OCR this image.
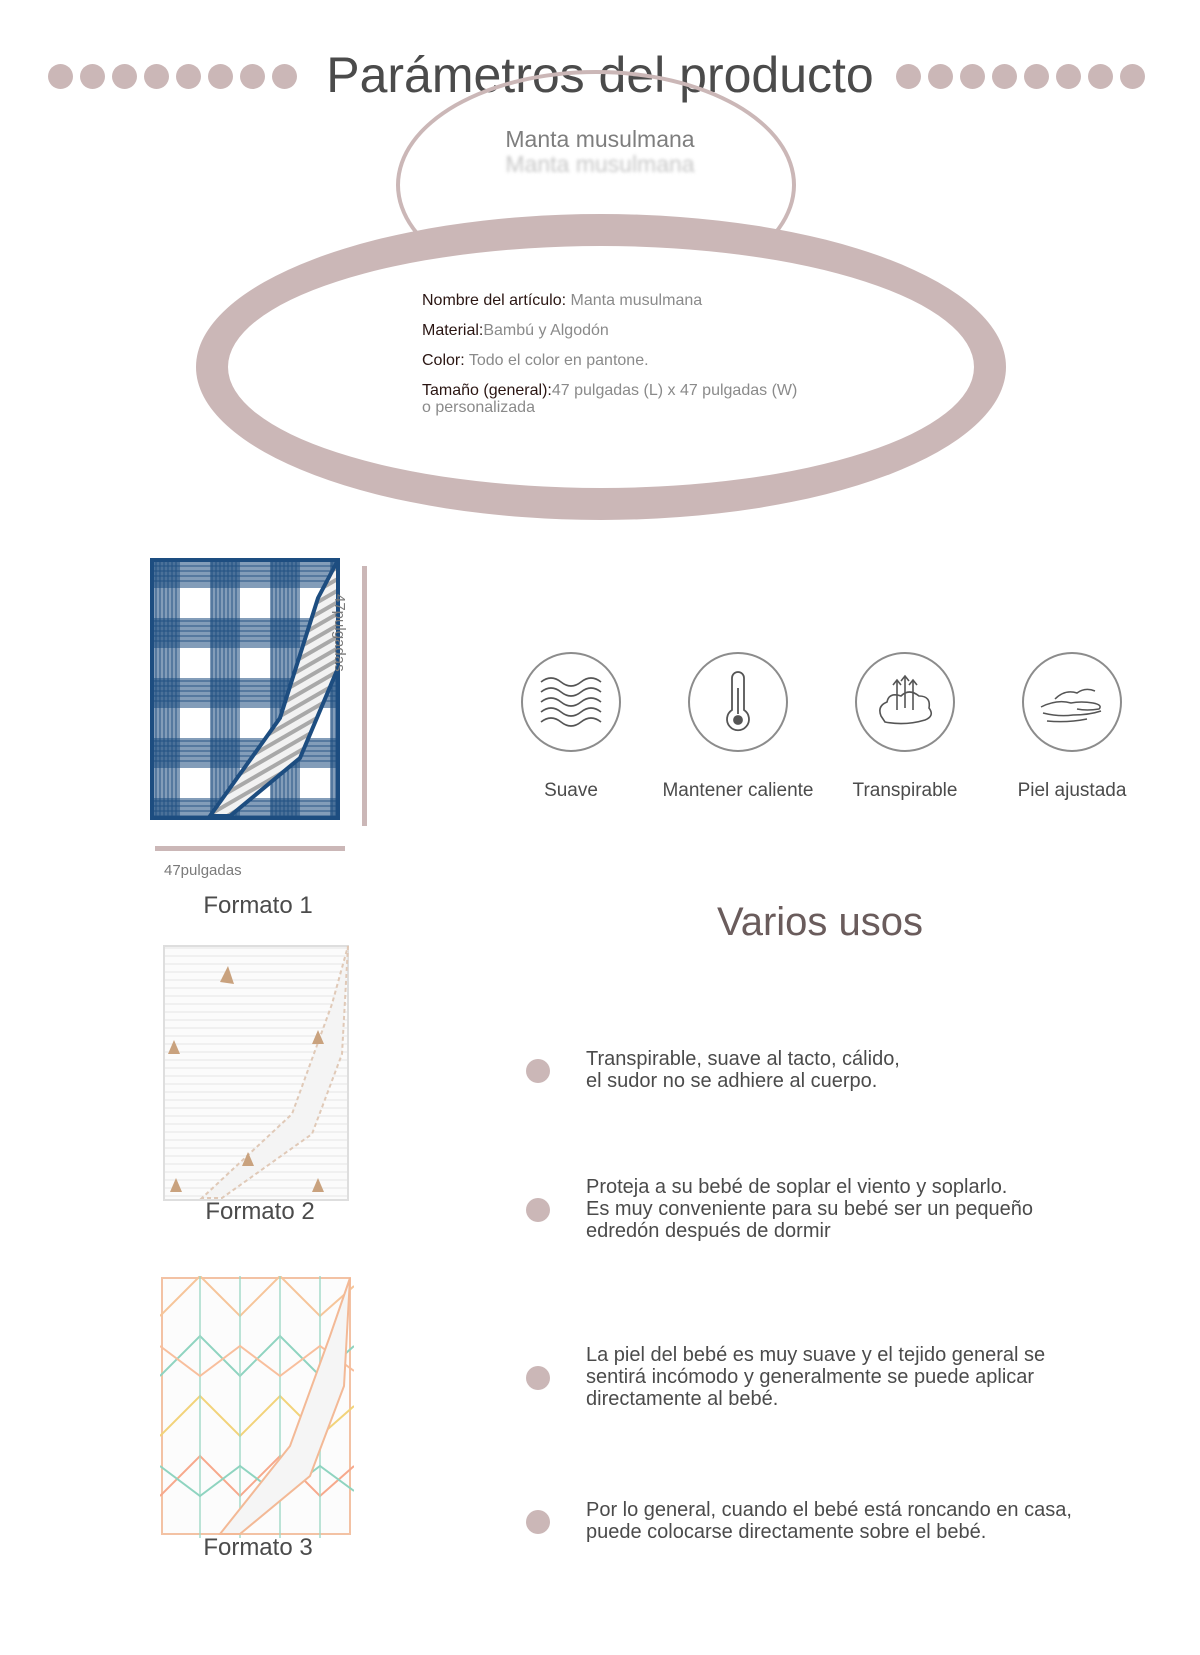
Parámetros del producto
Manta musulmana
Manta musulmana
Nombre del artículo: Manta musulmana
Material:Bambú y Algodón
Color: Todo el color en pantone.
Tamaño (general):47 pulgadas (L) x 47 pulgadas (W) o personalizada
47pulgadas
47pulgadas
Formato 1
Formato 2
Formato 3
Suave	Mantener caliente	Transpirable	Piel ajustada
Varios usos
Transpirable, suave al tacto, cálido,
el sudor no se adhiere al cuerpo.
Proteja a su bebé de soplar el viento y soplarlo.
Es muy conveniente para su bebé ser un pequeño
edredón después de dormir
La piel del bebé es muy suave y el tejido general se
sentirá incómodo y generalmente se puede aplicar
directamente al bebé.
Por lo general, cuando el bebé está roncando en casa,
puede colocarse directamente sobre el bebé.
